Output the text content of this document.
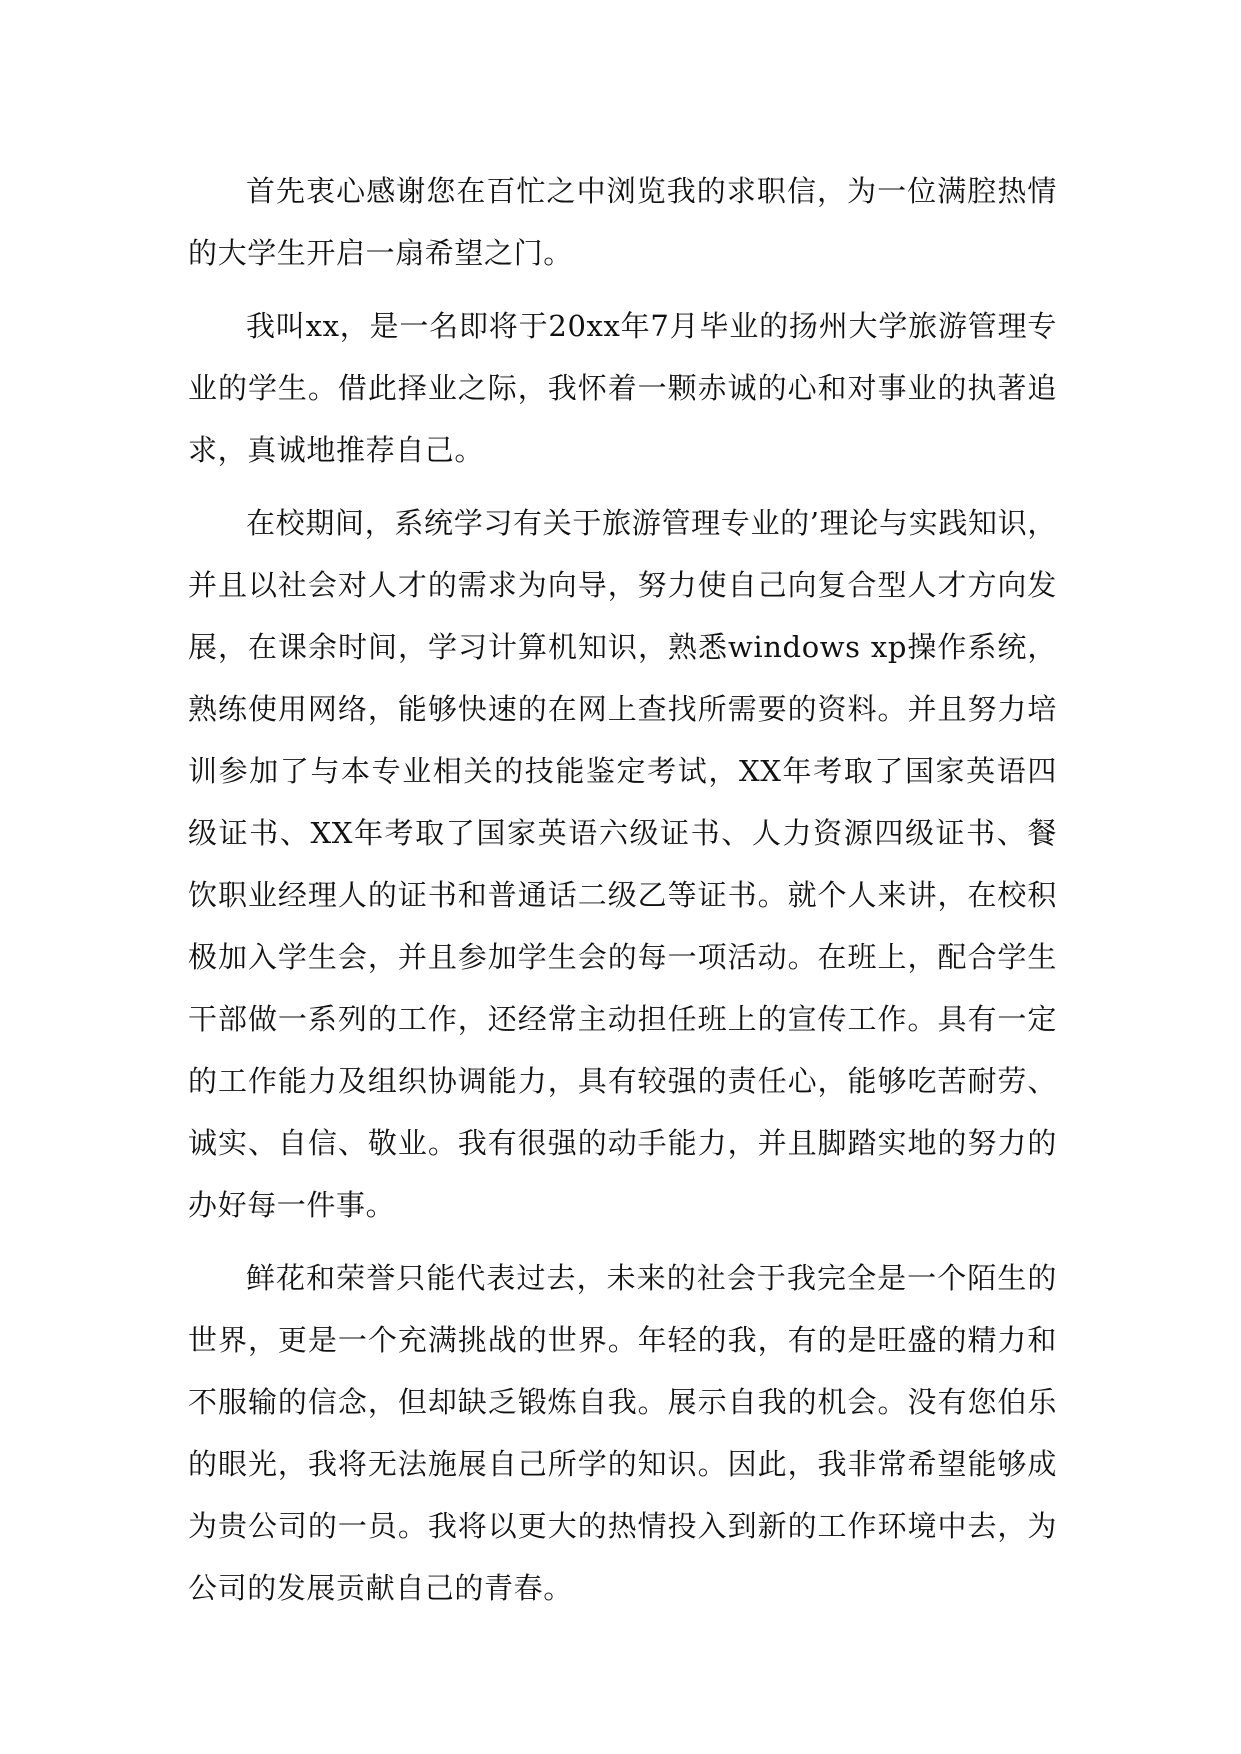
首先衷心感谢您在百忙之中浏览我的求职信，为一位满腔热情的大学生开启一扇希望之门。

我叫xx，是一名即将于20xx年7月毕业的扬州大学旅游管理专业的学生。借此择业之际，我怀着一颗赤诚的心和对事业的执著追求，真诚地推荐自己。

在校期间，系统学习有关于旅游管理专业的’理论与实践知识，并且以社会对人才的需求为向导，努力使自己向复合型人才方向发展，在课余时间，学习计算机知识，熟悉windows xp操作系统，熟练使用网络，能够快速的在网上查找所需要的资料。并且努力培训参加了与本专业相关的技能鉴定考试，XX年考取了国家英语四级证书、XX年考取了国家英语六级证书、人力资源四级证书、餐饮职业经理人的证书和普通话二级乙等证书。就个人来讲，在校积极加入学生会，并且参加学生会的每一项活动。在班上，配合学生干部做一系列的工作，还经常主动担任班上的宣传工作。具有一定的工作能力及组织协调能力，具有较强的责任心，能够吃苦耐劳、诚实、自信、敬业。我有很强的动手能力，并且脚踏实地的努力的办好每一件事。

鲜花和荣誉只能代表过去，未来的社会于我完全是一个陌生的世界，更是一个充满挑战的世界。年轻的我，有的是旺盛的精力和不服输的信念，但却缺乏锻炼自我。展示自我的机会。没有您伯乐的眼光，我将无法施展自己所学的知识。因此，我非常希望能够成为贵公司的一员。我将以更大的热情投入到新的工作环境中去，为公司的发展贡献自己的青春。
